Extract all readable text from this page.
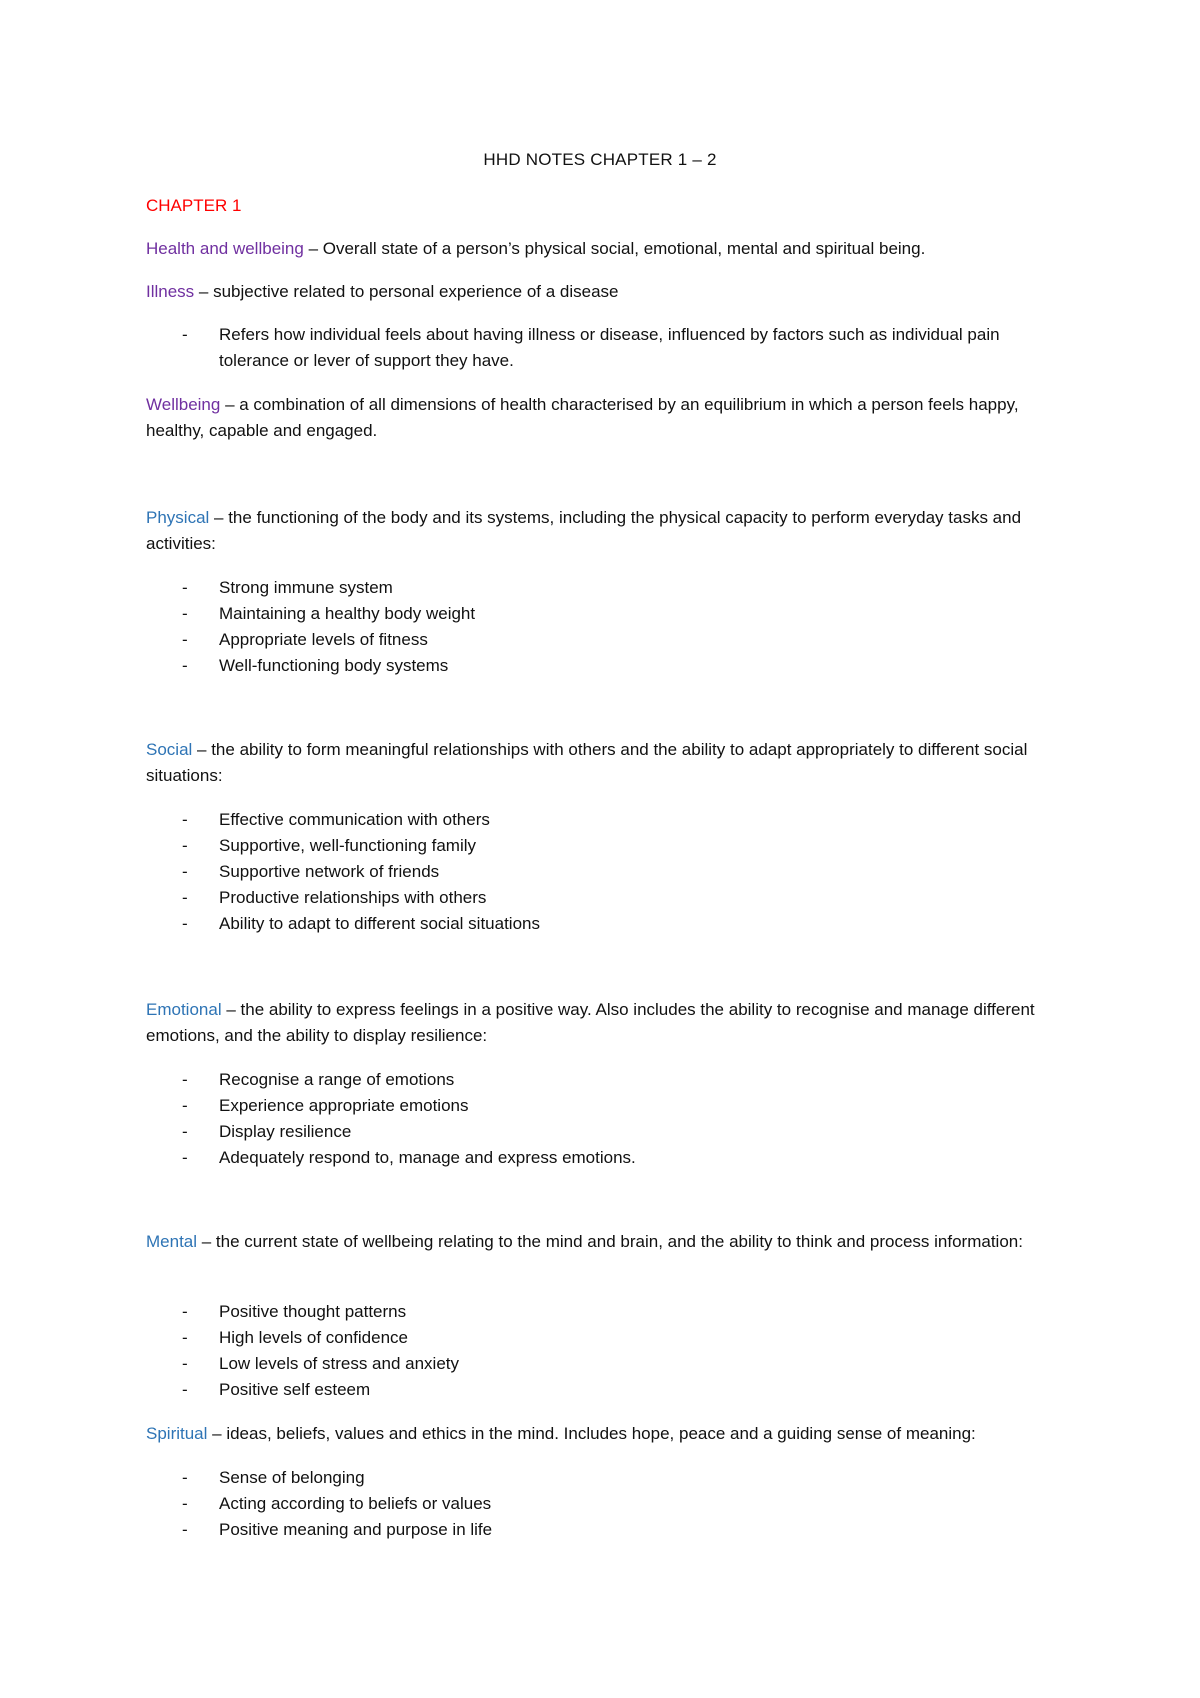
HHD NOTES CHAPTER 1 – 2
CHAPTER 1
Health and wellbeing – Overall state of a person’s physical social, emotional, mental and spiritual being.
Illness – subjective related to personal experience of a disease
- Refers how individual feels about having illness or disease, influenced by factors such as individual pain tolerance or lever of support they have.
Wellbeing – a combination of all dimensions of health characterised by an equilibrium in which a person feels happy, healthy, capable and engaged.
Physical – the functioning of the body and its systems, including the physical capacity to perform everyday tasks and activities:
- Strong immune system
- Maintaining a healthy body weight
- Appropriate levels of fitness
- Well-functioning body systems
Social – the ability to form meaningful relationships with others and the ability to adapt appropriately to different social situations:
- Effective communication with others
- Supportive, well-functioning family
- Supportive network of friends
- Productive relationships with others
- Ability to adapt to different social situations
Emotional – the ability to express feelings in a positive way. Also includes the ability to recognise and manage different emotions, and the ability to display resilience:
- Recognise a range of emotions
- Experience appropriate emotions
- Display resilience
- Adequately respond to, manage and express emotions.
Mental – the current state of wellbeing relating to the mind and brain, and the ability to think and process information:
- Positive thought patterns
- High levels of confidence
- Low levels of stress and anxiety
- Positive self esteem
Spiritual – ideas, beliefs, values and ethics in the mind. Includes hope, peace and a guiding sense of meaning:
- Sense of belonging
- Acting according to beliefs or values
- Positive meaning and purpose in life
